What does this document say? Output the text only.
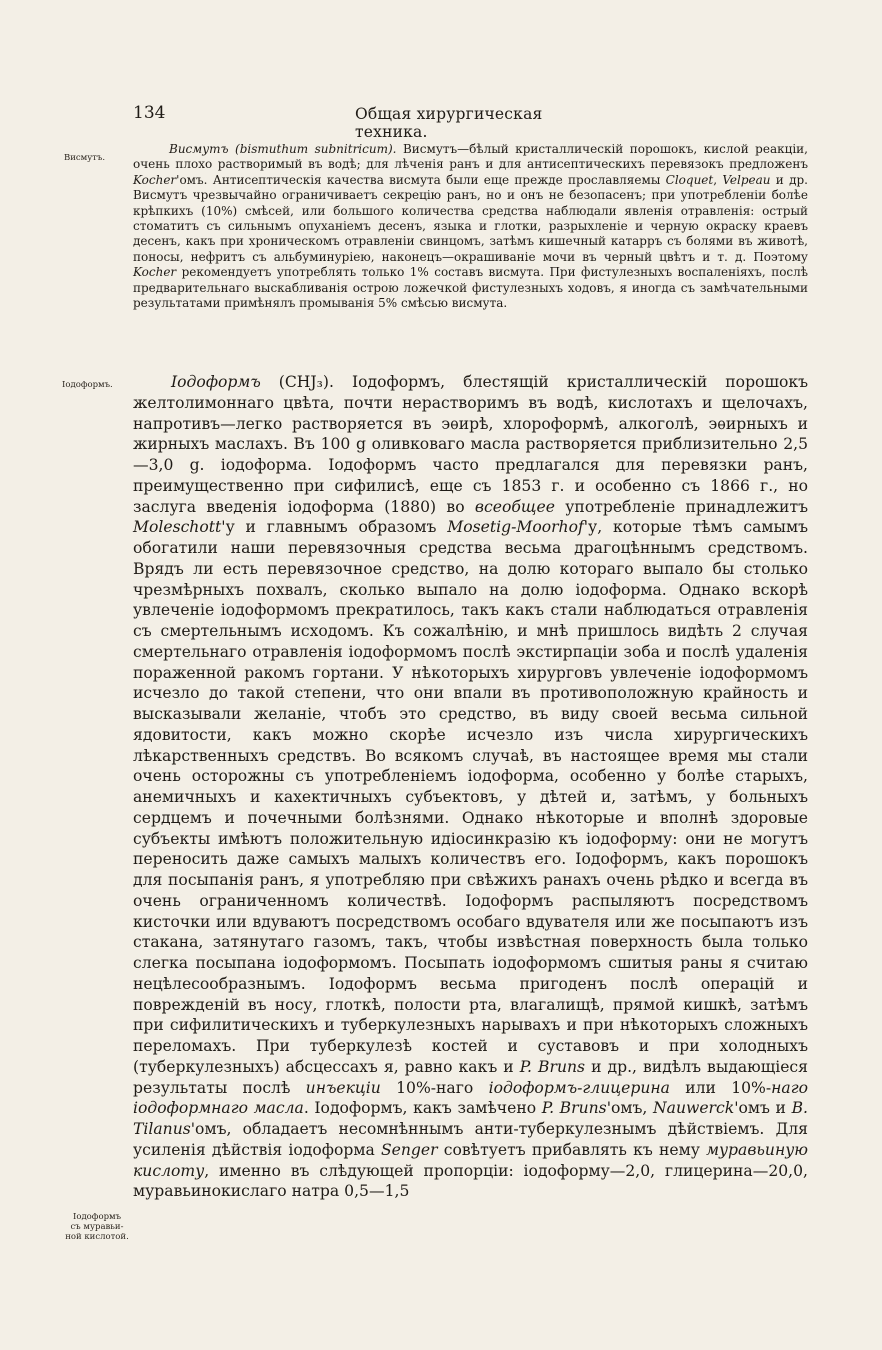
134	Общая хирургическая техника.
Висмутъ.
Іодоформъ.
Іодоформъ
съ муравьи-
ной кислотой.

Висмутъ (bismuthum subnitricum). Висмутъ—бѣлый кристаллическій порошокъ, кислой реакціи, очень плохо растворимый въ водѣ; для лѣченія ранъ и для антисептическихъ перевязокъ предложенъ Kocher'омъ. Антисептическія качества висмута были еще прежде прославляемы Cloquet, Velpeau и др. Висмутъ чрезвычайно ограничиваетъ секрецію ранъ, но и онъ не безопасенъ; при употребленіи болѣе крѣпкихъ (10%) смѣсей, или большого количества средства наблюдали явленія отравленія: острый стоматитъ съ сильнымъ опуханіемъ десенъ, языка и глотки, разрыхленіе и черную окраску краевъ десенъ, какъ при хроническомъ отравленіи свинцомъ, затѣмъ кишечный катарръ съ болями въ животѣ, поносы, нефритъ съ альбуминуріею, наконецъ—окрашиваніе мочи въ черный цвѣтъ и т. д. Поэтому Kocher рекомендуетъ употреблять только 1% составъ висмута. При фистулезныхъ воспаленіяхъ, послѣ предварительнаго выскабливанія острою ложечкой фистулезныхъ ходовъ, я иногда съ замѣчательными результатами примѣнялъ промыванія 5% смѣсью висмута.

Іодоформъ (CHJ₃). Іодоформъ, блестящій кристаллическій порошокъ желтолимоннаго цвѣта, почти нерастворимъ въ водѣ, кислотахъ и щелочахъ, напротивъ—легко растворяется въ эѳирѣ, хлороформѣ, алкоголѣ, эѳирныхъ и жирныхъ маслахъ. Въ 100 g оливковаго масла растворяется приблизительно 2,5—3,0 g. іодоформа. Іодоформъ часто предлагался для перевязки ранъ, преимущественно при сифилисѣ, еще съ 1853 г. и особенно съ 1866 г., но заслуга введенія іодоформа (1880) во всеобщее употребленіе принадлежитъ Moleschott'у и главнымъ образомъ Mosetig-Moorhof'у, которые тѣмъ самымъ обогатили наши перевязочныя средства весьма драгоцѣннымъ средствомъ. Врядъ ли есть перевязочное средство, на долю котораго выпало бы столько чрезмѣрныхъ похвалъ, сколько выпало на долю іодоформа. Однако вскорѣ увлеченіе іодоформомъ прекратилось, такъ какъ стали наблюдаться отравленія съ смертельнымъ исходомъ. Къ сожалѣнію, и мнѣ пришлось видѣть 2 случая смертельнаго отравленія іодоформомъ послѣ экстирпаціи зоба и послѣ удаленія пораженной ракомъ гортани. У нѣкоторыхъ хирурговъ увлеченіе іодоформомъ исчезло до такой степени, что они впали въ противоположную крайность и высказывали желаніе, чтобъ это средство, въ виду своей весьма сильной ядовитости, какъ можно скорѣе исчезло изъ числа хирургическихъ лѣкарственныхъ средствъ. Во всякомъ случаѣ, въ настоящее время мы стали очень осторожны съ употребленіемъ іодоформа, особенно у болѣе старыхъ, анемичныхъ и кахектичныхъ субъектовъ, у дѣтей и, затѣмъ, у больныхъ сердцемъ и почечными болѣзнями. Однако нѣкоторые и вполнѣ здоровые субъекты имѣютъ положительную идіосинкразію къ іодоформу: они не могутъ переносить даже самыхъ малыхъ количествъ его. Іодоформъ, какъ порошокъ для посыпанія ранъ, я употребляю при свѣжихъ ранахъ очень рѣдко и всегда въ очень ограниченномъ количествѣ. Іодоформъ распыляютъ посредствомъ кисточки или вдуваютъ посредствомъ особаго вдувателя или же посыпаютъ изъ стакана, затянутаго газомъ, такъ, чтобы извѣстная поверхность была только слегка посыпана іодоформомъ. Посыпать іодоформомъ сшитыя раны я считаю нецѣлесообразнымъ. Іодоформъ весьма пригоденъ послѣ операцій и поврежденій въ носу, глоткѣ, полости рта, влагалищѣ, прямой кишкѣ, затѣмъ при сифилитическихъ и туберкулезныхъ нарывахъ и при нѣкоторыхъ сложныхъ переломахъ. При туберкулезѣ костей и суставовъ и при холодныхъ (туберкулезныхъ) абсцессахъ я, равно какъ и P. Bruns и др., видѣлъ выдающіеся результаты послѣ инъекціи 10%-наго іодоформъ-глицерина или 10%-наго іодоформнаго масла. Іодоформъ, какъ замѣчено P. Bruns'омъ, Nauwerck'омъ и B. Tilanus'омъ, обладаетъ несомнѣннымъ анти-туберкулезнымъ дѣйствіемъ. Для усиленія дѣйствія іодоформа Senger совѣтуетъ прибавлять къ нему муравьиную кислоту, именно въ слѣдующей пропорціи: іодоформу—2,0, глицерина—20,0, муравьинокислаго натра 0,5—1,5
